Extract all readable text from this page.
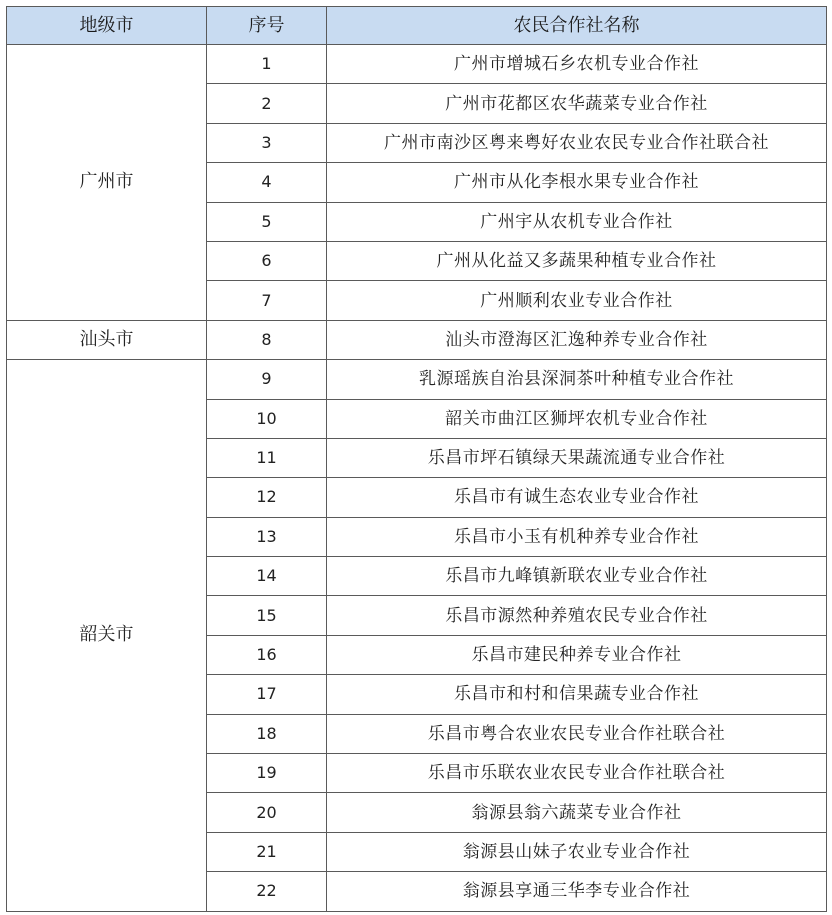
地级市	序号	农民合作社名称
广州市	1	广州市增城石乡农机专业合作社
	2	广州市花都区农华蔬菜专业合作社
	3	广州市南沙区粤来粤好农业农民专业合作社联合社
	4	广州市从化李根水果专业合作社
	5	广州宇从农机专业合作社
	6	广州从化益又多蔬果种植专业合作社
	7	广州顺利农业专业合作社
汕头市	8	汕头市澄海区汇逸种养专业合作社
韶关市	9	乳源瑶族自治县深洞茶叶种植专业合作社
	10	韶关市曲江区狮坪农机专业合作社
	11	乐昌市坪石镇绿天果蔬流通专业合作社
	12	乐昌市有诚生态农业专业合作社
	13	乐昌市小玉有机种养专业合作社
	14	乐昌市九峰镇新联农业专业合作社
	15	乐昌市源然种养殖农民专业合作社
	16	乐昌市建民种养专业合作社
	17	乐昌市和村和信果蔬专业合作社
	18	乐昌市粤合农业农民专业合作社联合社
	19	乐昌市乐联农业农民专业合作社联合社
	20	翁源县翁六蔬菜专业合作社
	21	翁源县山妹子农业专业合作社
	22	翁源县享通三华李专业合作社
